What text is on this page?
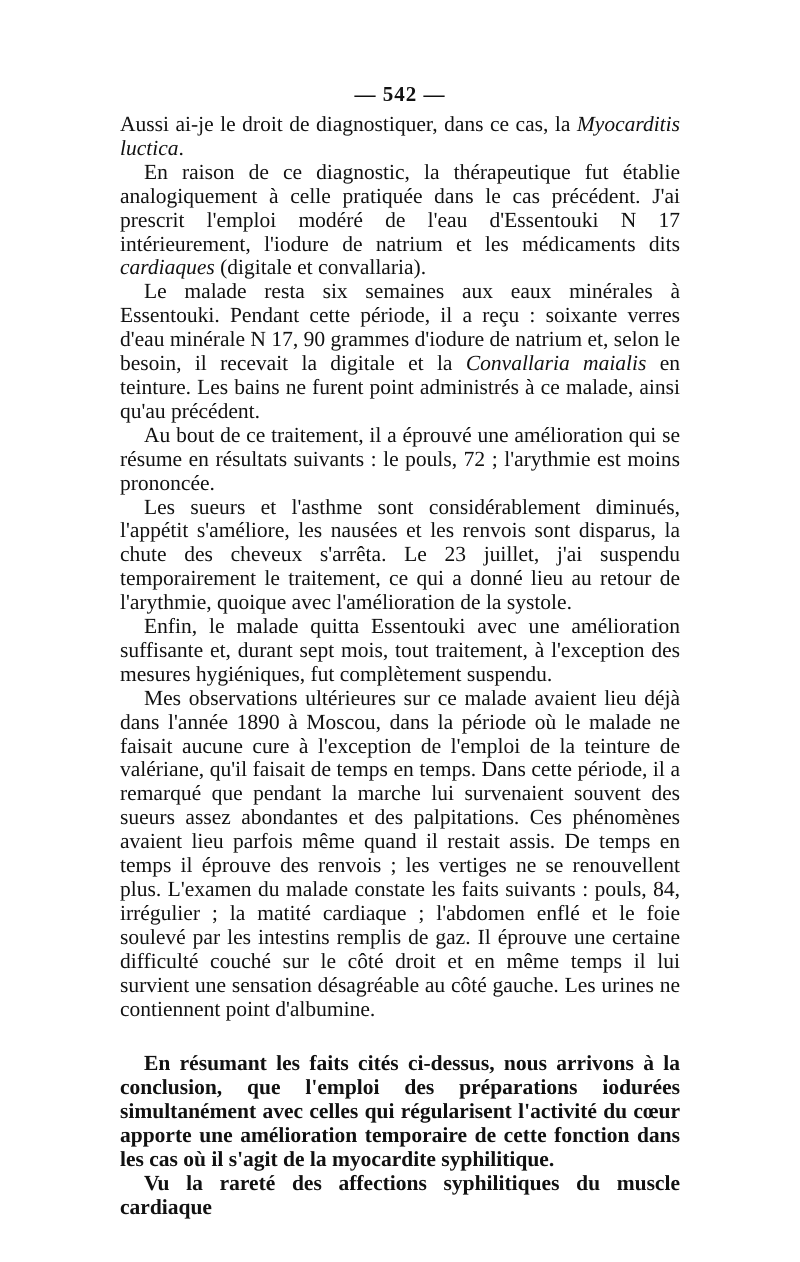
— 542 —

Aussi ai-je le droit de diagnostiquer, dans ce cas, la Myocarditis luctica.

En raison de ce diagnostic, la thérapeutique fut établie analogiquement à celle pratiquée dans le cas précédent. J'ai prescrit l'emploi modéré de l'eau d'Essentouki N 17 intérieurement, l'iodure de natrium et les médicaments dits cardiaques (digitale et convallaria).

Le malade resta six semaines aux eaux minérales à Essentouki. Pendant cette période, il a reçu : soixante verres d'eau minérale N 17, 90 grammes d'iodure de natrium et, selon le besoin, il recevait la digitale et la Convallaria maialis en teinture. Les bains ne furent point administrés à ce malade, ainsi qu'au précédent.

Au bout de ce traitement, il a éprouvé une amélioration qui se résume en résultats suivants : le pouls, 72 ; l'arythmie est moins prononcée.

Les sueurs et l'asthme sont considérablement diminués, l'appétit s'améliore, les nausées et les renvois sont disparus, la chute des cheveux s'arrêta. Le 23 juillet, j'ai suspendu temporairement le traitement, ce qui a donné lieu au retour de l'arythmie, quoique avec l'amélioration de la systole.

Enfin, le malade quitta Essentouki avec une amélioration suffisante et, durant sept mois, tout traitement, à l'exception des mesures hygiéniques, fut complètement suspendu.

Mes observations ultérieures sur ce malade avaient lieu déjà dans l'année 1890 à Moscou, dans la période où le malade ne faisait aucune cure à l'exception de l'emploi de la teinture de valériane, qu'il faisait de temps en temps. Dans cette période, il a remarqué que pendant la marche lui survenaient souvent des sueurs assez abondantes et des palpitations. Ces phénomènes avaient lieu parfois même quand il restait assis. De temps en temps il éprouve des renvois ; les vertiges ne se renouvellent plus. L'examen du malade constate les faits suivants : pouls, 84, irrégulier ; la matité cardiaque ; l'abdomen enflé et le foie soulevé par les intestins remplis de gaz. Il éprouve une certaine difficulté couché sur le côté droit et en même temps il lui survient une sensation désagréable au côté gauche. Les urines ne contiennent point d'albumine.

En résumant les faits cités ci-dessus, nous arrivons à la conclusion, que l'emploi des préparations iodurées simultanément avec celles qui régularisent l'activité du cœur apporte une amélioration temporaire de cette fonction dans les cas où il s'agit de la myocardite syphilitique.

Vu la rareté des affections syphilitiques du muscle cardiaque
